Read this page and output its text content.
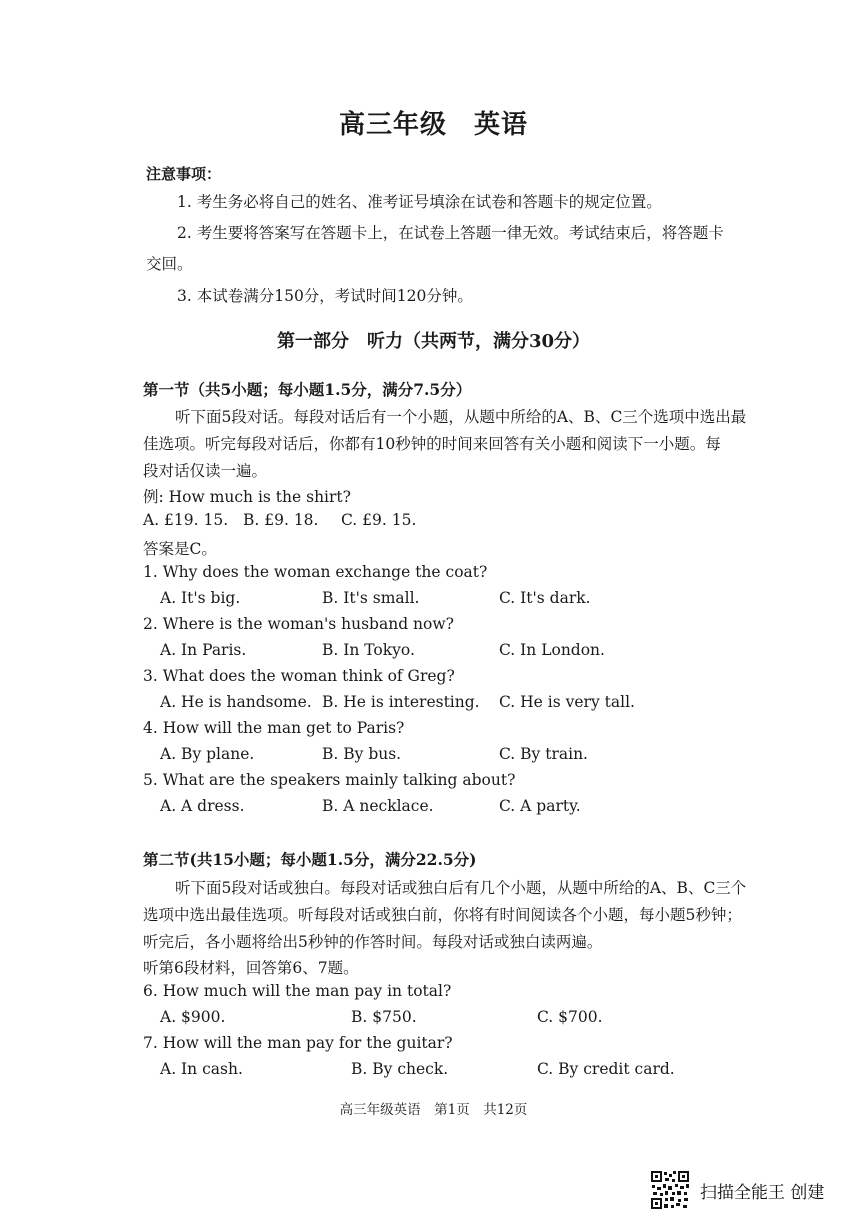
高三年级　英语
注意事项：
1. 考生务必将自己的姓名、准考证号填涂在试卷和答题卡的规定位置。
2. 考生要将答案写在答题卡上，在试卷上答题一律无效。考试结束后，将答题卡
交回。
3. 本试卷满分150分，考试时间120分钟。
第一部分　听力（共两节，满分30分）
第一节（共5小题；每小题1.5分，满分7.5分）
听下面5段对话。每段对话后有一个小题，从题中所给的A、B、C三个选项中选出最
佳选项。听完每段对话后，你都有10秒钟的时间来回答有关小题和阅读下一小题。每
段对话仅读一遍。
例: How much is the shirt?
A. £19. 15. B. £9. 18. C. £9. 15.
答案是C。
1. Why does the woman exchange the coat?
A. It's big.	B. It's small.	C. It's dark.
2. Where is the woman's husband now?
A. In Paris.	B. In Tokyo.	C. In London.
3. What does the woman think of Greg?
A. He is handsome. B. He is interesting. C. He is very tall.
4. How will the man get to Paris?
A. By plane.	B. By bus.	C. By train.
5. What are the speakers mainly talking about?
A. A dress.	B. A necklace.	C. A party.
第二节(共15小题；每小题1.5分，满分22.5分)
听下面5段对话或独白。每段对话或独白后有几个小题，从题中所给的A、B、C三个
选项中选出最佳选项。听每段对话或独白前，你将有时间阅读各个小题，每小题5秒钟；
听完后，各小题将给出5秒钟的作答时间。每段对话或独白读两遍。
听第6段材料，回答第6、7题。
6. How much will the man pay in total?
A. $900.	B. $750.	C. $700.
7. How will the man pay for the guitar?
A. In cash.	B. By check.	C. By credit card.
高三年级英语　第1页　共12页
扫描全能王 创建
